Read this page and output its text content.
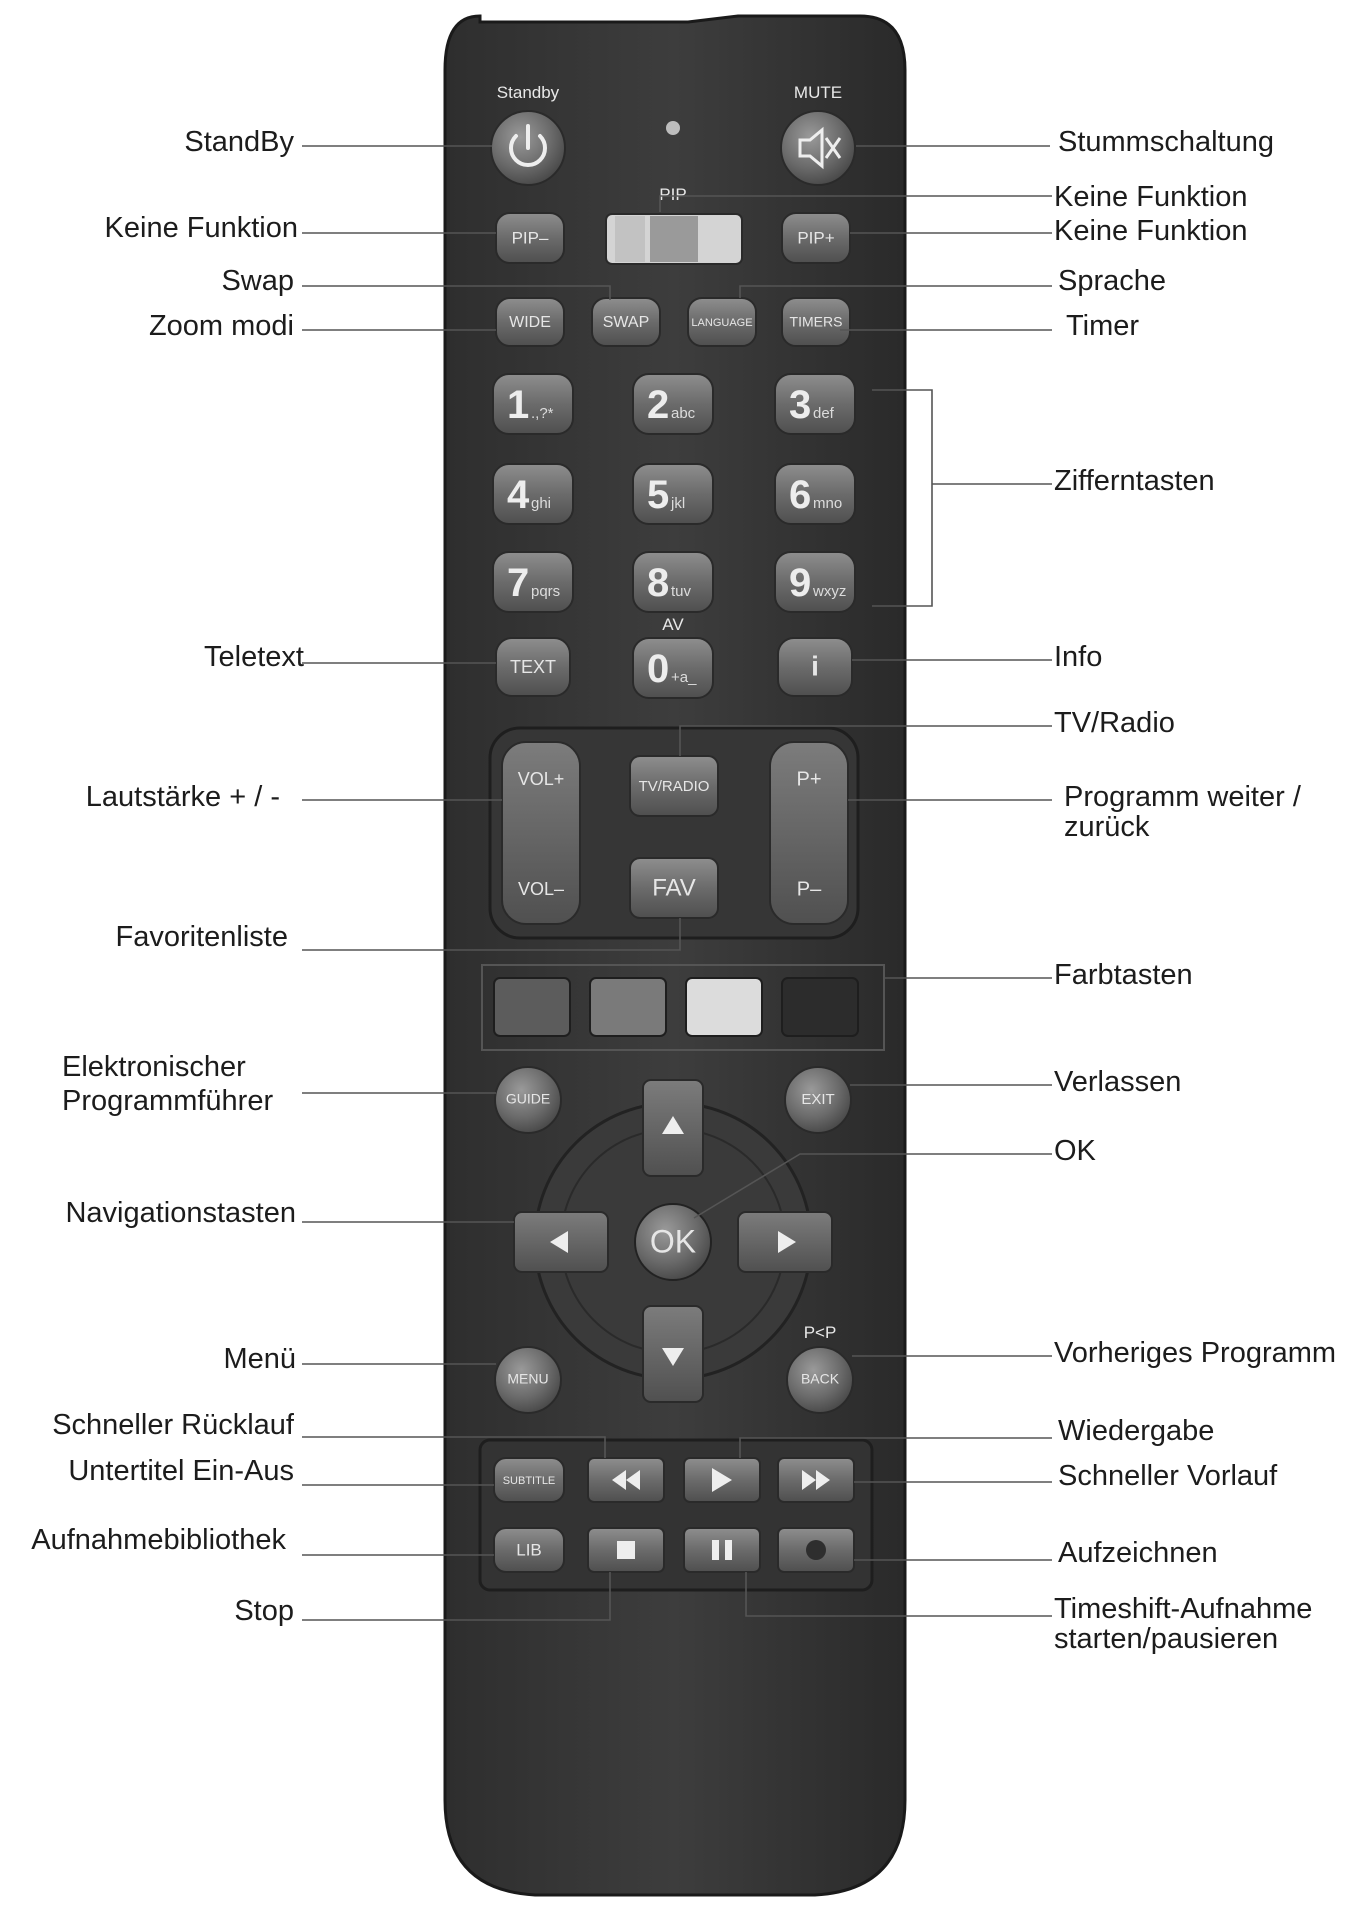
Standby	MUTE
PIP
AV
P<P
PIP–	PIP+
WIDE	SWAP	LANGUAGE	TIMERS
1 .,?* 2 abc 3 def
4 ghi 5 jkl	6 mno
7 pqrs 8 tuv 9 wxyz
0 +a_
TEXT	i
VOL+
VOL–
P+
P–
TV/RADIO
FAV
GUIDE	EXIT
OK
MENU	BACK
SUBTITLE
LIB
StandBy
Keine Funktion
Swap
Zoom modi
Teletext
Lautstärke + / -
Favoritenliste
Elektronischer
Programmführer
Navigationstasten
Menü
Schneller Rücklauf
Untertitel Ein-Aus
Aufnahmebibliothek
Stop
Stummschaltung
Keine Funktion
Keine Funktion
Sprache
Timer
Zifferntasten
Info
TV/Radio
Programm weiter /
zurück
Farbtasten
Verlassen
OK
Vorheriges Programm
Wiedergabe
Schneller Vorlauf
Aufzeichnen
Timeshift-Aufnahme
starten/pausieren
